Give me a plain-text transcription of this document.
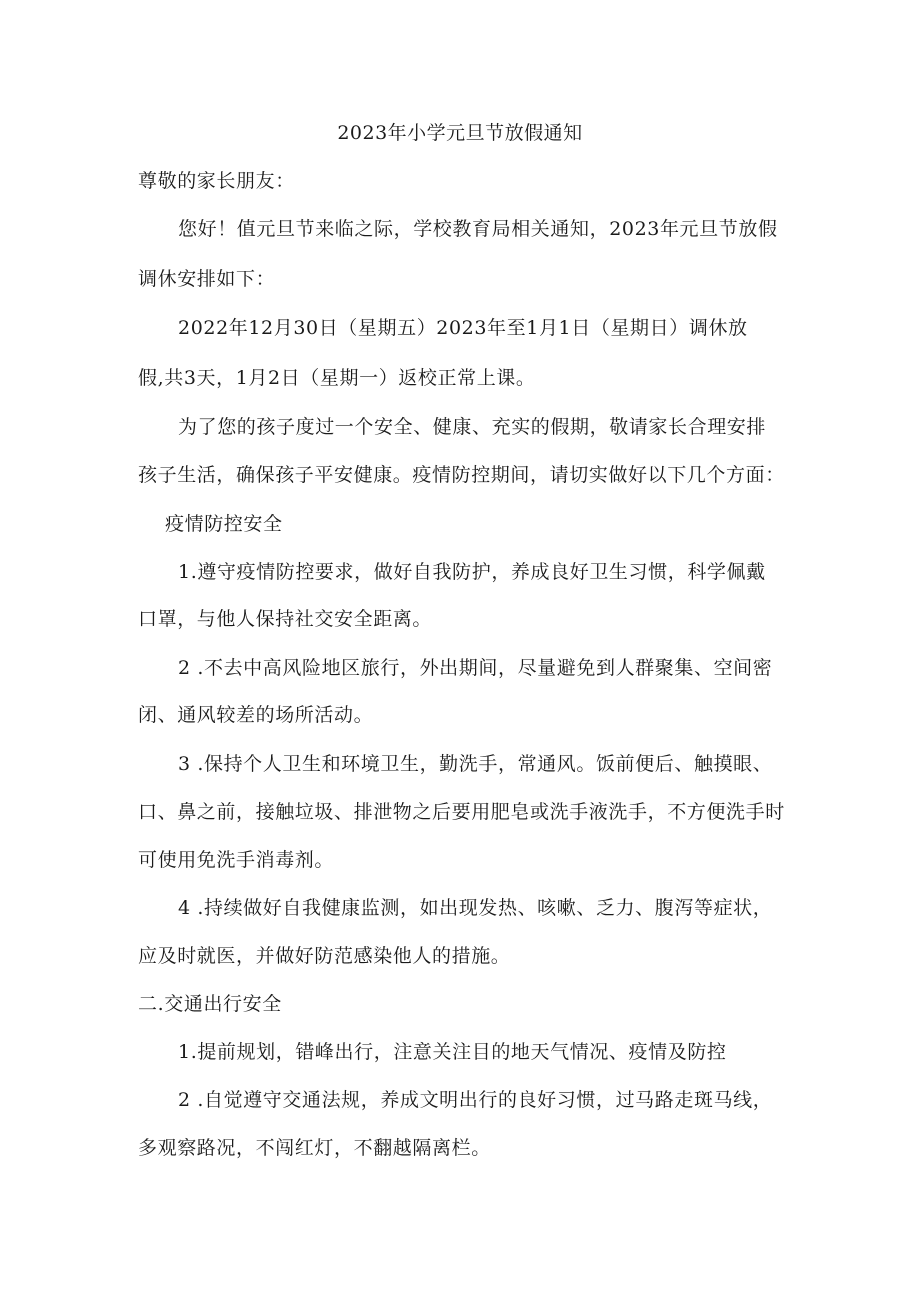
2023年小学元旦节放假通知
尊敬的家长朋友：
您好！值元旦节来临之际，学校教育局相关通知，2023年元旦节放假
调休安排如下：
2022年12月30日（星期五）2023年至1月1日（星期日）调休放
假,共3天，1月2日（星期一）返校正常上课。
为了您的孩子度过一个安全、健康、充实的假期，敬请家长合理安排
孩子生活，确保孩子平安健康。疫情防控期间，请切实做好以下几个方面：
疫情防控安全
1.遵守疫情防控要求，做好自我防护，养成良好卫生习惯，科学佩戴
口罩，与他人保持社交安全距离。
2 .不去中高风险地区旅行，外出期间，尽量避免到人群聚集、空间密
闭、通风较差的场所活动。
3 .保持个人卫生和环境卫生，勤洗手，常通风。饭前便后、触摸眼、
口、鼻之前，接触垃圾、排泄物之后要用肥皂或洗手液洗手，不方便洗手时
可使用免洗手消毒剂。
4 .持续做好自我健康监测，如出现发热、咳嗽、乏力、腹泻等症状，
应及时就医，并做好防范感染他人的措施。
二.交通出行安全
1.提前规划，错峰出行，注意关注目的地天气情况、疫情及防控
2 .自觉遵守交通法规，养成文明出行的良好习惯，过马路走斑马线，
多观察路况，不闯红灯，不翻越隔离栏。
